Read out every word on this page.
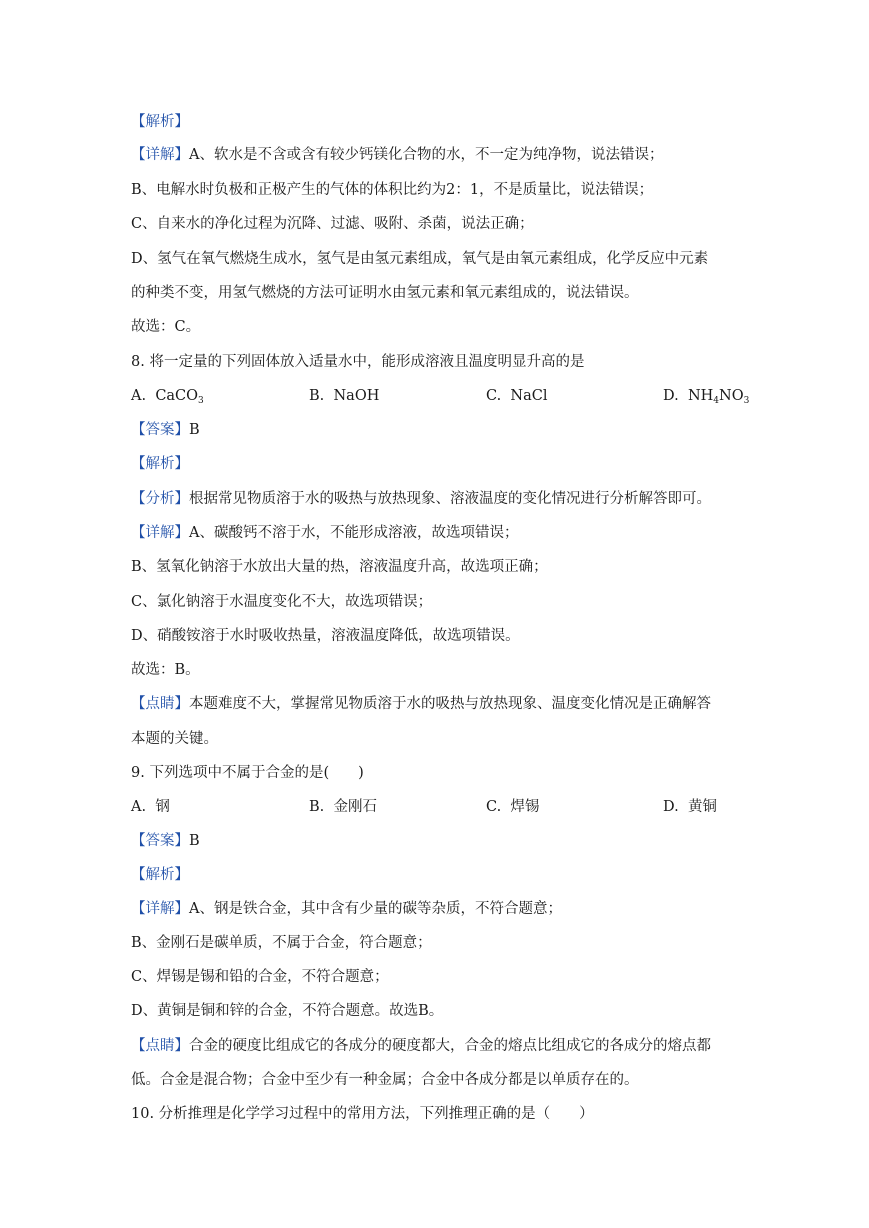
【解析】
【详解】A、软水是不含或含有较少钙镁化合物的水，不一定为纯净物，说法错误；
B、电解水时负极和正极产生的气体的体积比约为2：1，不是质量比，说法错误；
C、自来水的净化过程为沉降、过滤、吸附、杀菌，说法正确；
D、氢气在氧气燃烧生成水，氢气是由氢元素组成，氧气是由氧元素组成，化学反应中元素
的种类不变，用氢气燃烧的方法可证明水由氢元素和氧元素组成的，说法错误。
故选：C。
8. 将一定量的下列固体放入适量水中，能形成溶液且温度明显升高的是
A. CaCO$_3$	B. NaOH	C. NaCl	D. $NH_4NO_3$
【答案】B
【解析】
【分析】根据常见物质溶于水的吸热与放热现象、溶液温度的变化情况进行分析解答即可。
【详解】A、碳酸钙不溶于水，不能形成溶液，故选项错误；
B、氢氧化钠溶于水放出大量的热，溶液温度升高，故选项正确；
C、氯化钠溶于水温度变化不大，故选项错误；
D、硝酸铵溶于水时吸收热量，溶液温度降低，故选项错误。
故选：B。
【点睛】本题难度不大，掌握常见物质溶于水的吸热与放热现象、温度变化情况是正确解答
本题的关键。
9. 下列选项中不属于合金的是(　　)
A. 钢	B. 金刚石	C. 焊锡	D. 黄铜
【答案】B
【解析】
【详解】A、钢是铁合金，其中含有少量的碳等杂质，不符合题意；
B、金刚石是碳单质，不属于合金，符合题意；
C、焊锡是锡和铅的合金，不符合题意；
D、黄铜是铜和锌的合金，不符合题意。故选B。
【点睛】合金的硬度比组成它的各成分的硬度都大，合金的熔点比组成它的各成分的熔点都
低。合金是混合物；合金中至少有一种金属；合金中各成分都是以单质存在的。
10. 分析推理是化学学习过程中的常用方法，下列推理正确的是（　　）
